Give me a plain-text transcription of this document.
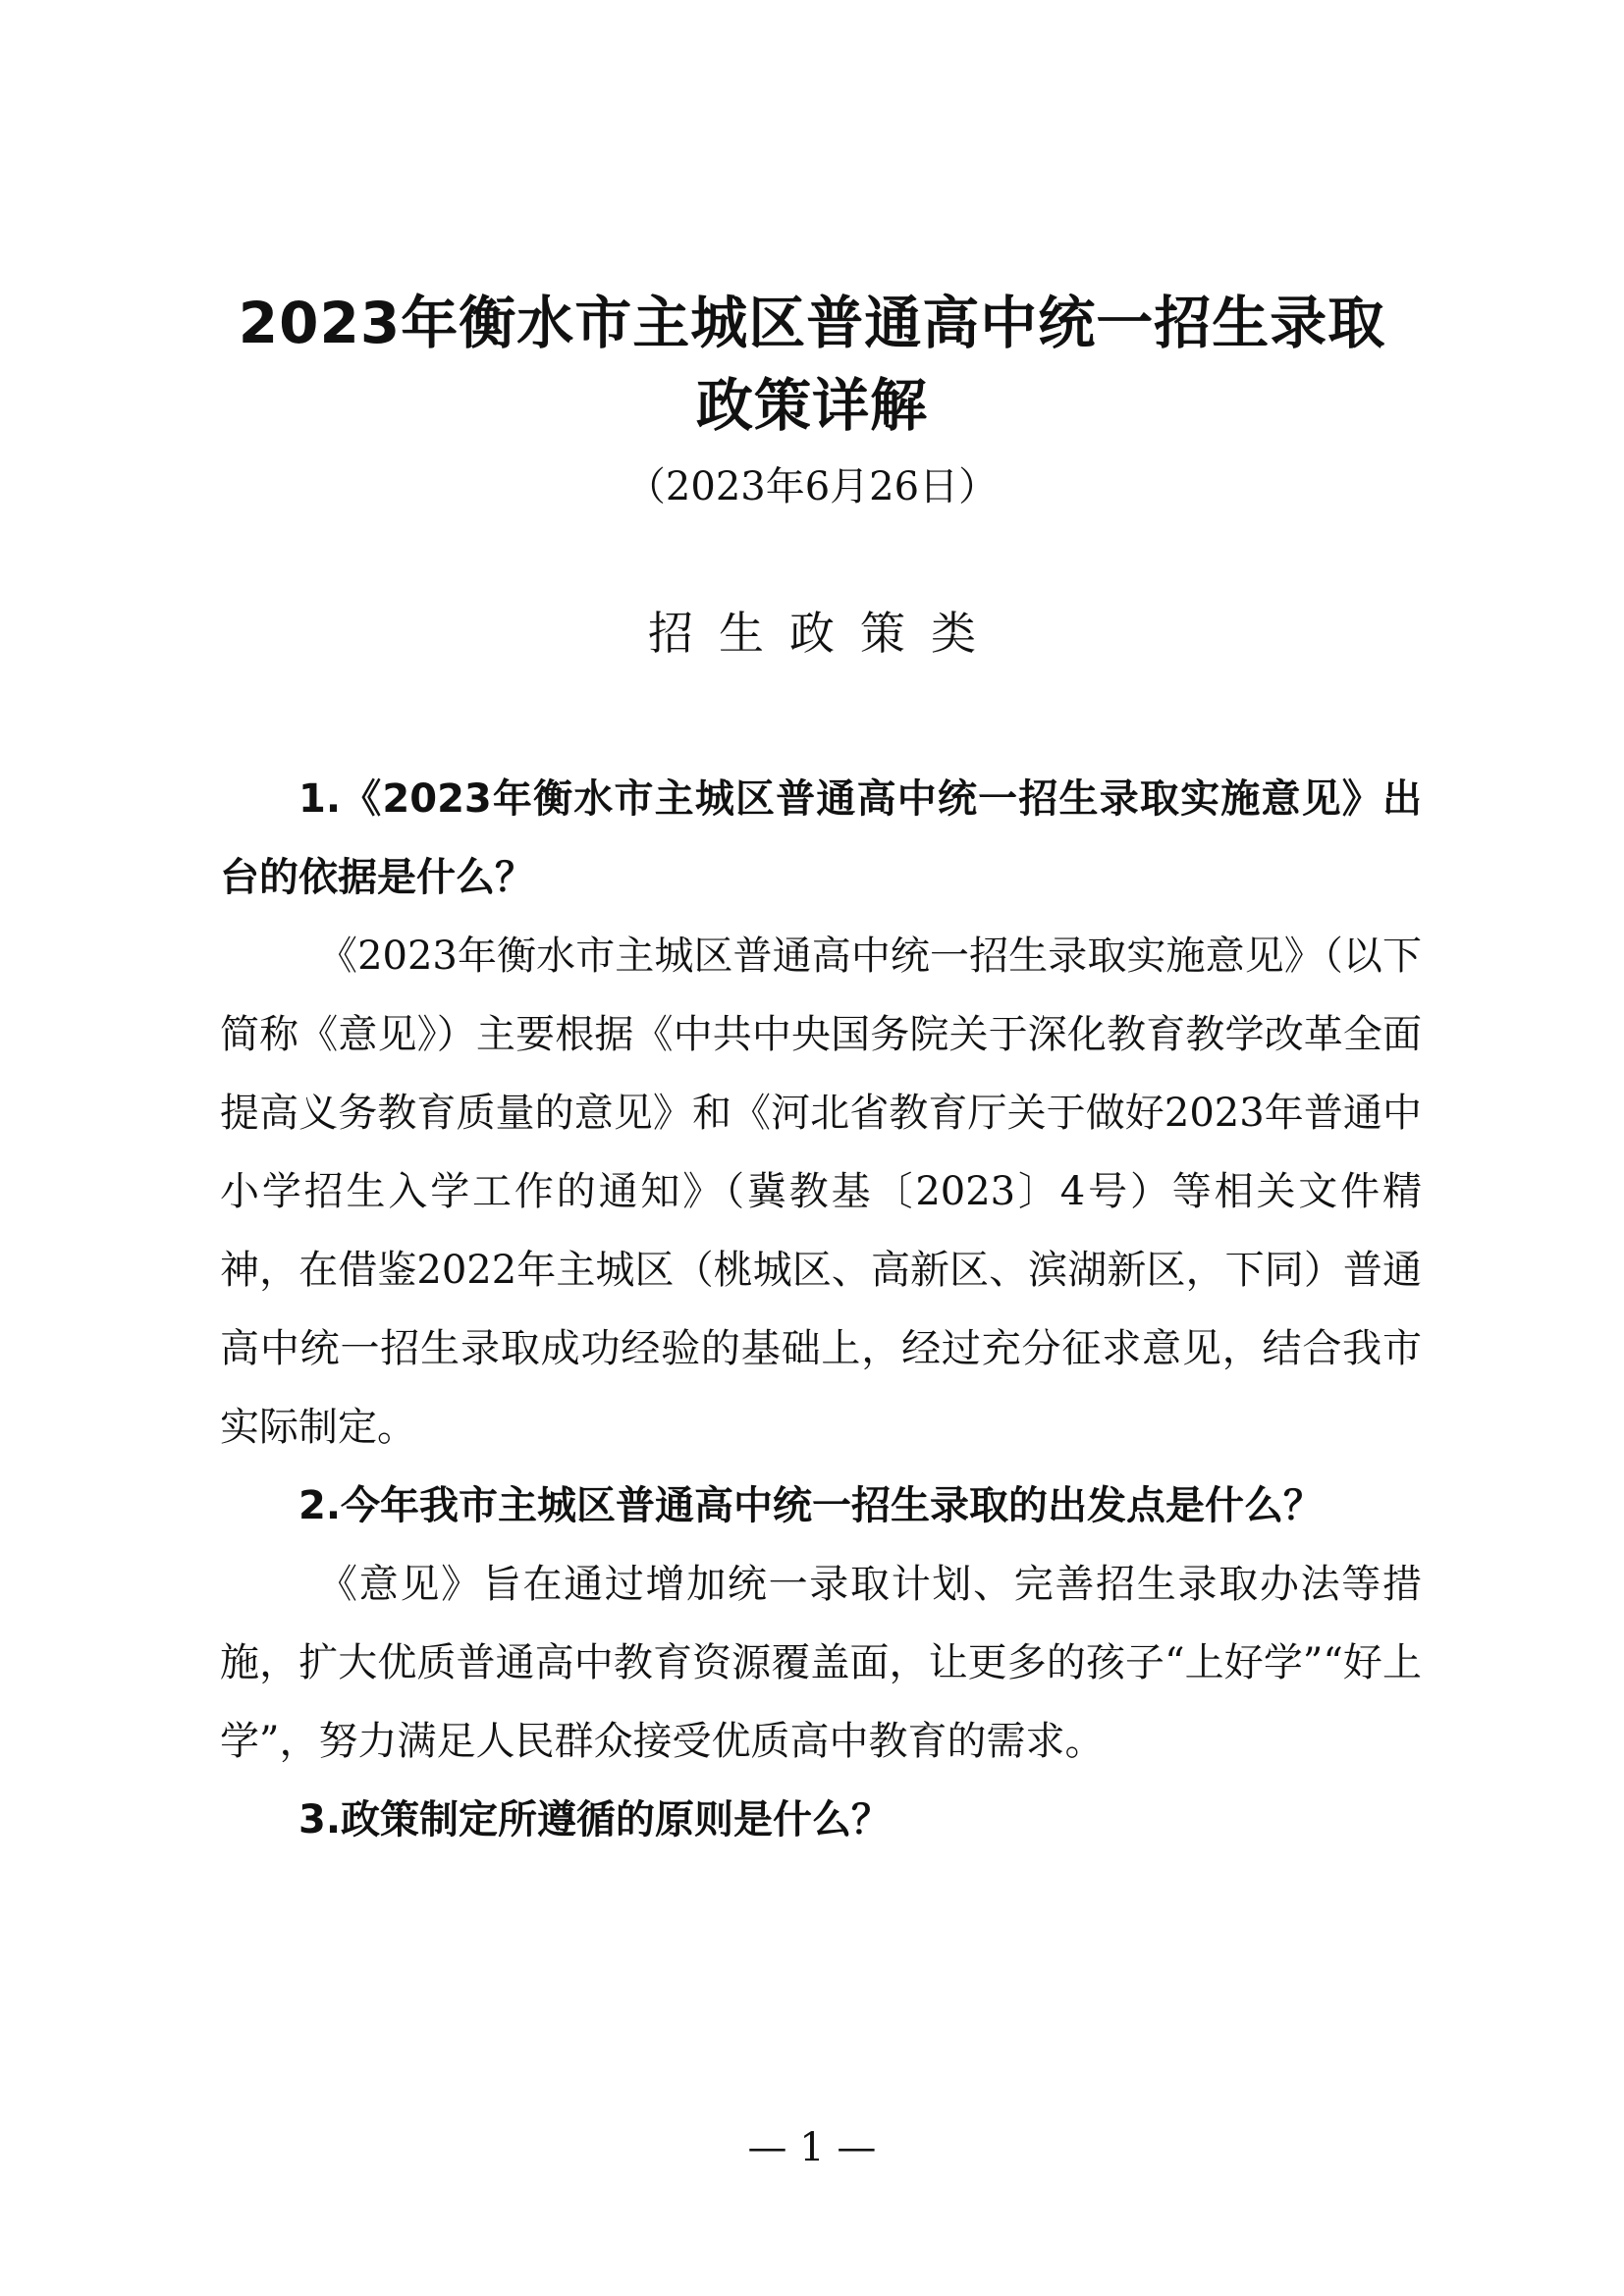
2023年衡水市主城区普通高中统一招生录取
政策详解
（2023年6月26日）
招生政策类
1.《2023年衡水市主城区普通高中统一招生录取实施意见》出台的依据是什么？
《2023年衡水市主城区普通高中统一招生录取实施意见》（以下简称《意见》）主要根据《中共中央国务院关于深化教育教学改革全面提高义务教育质量的意见》和《河北省教育厅关于做好2023年普通中小学招生入学工作的通知》（冀教基〔2023〕4号）等相关文件精神，在借鉴2022年主城区（桃城区、高新区、滨湖新区，下同）普通高中统一招生录取成功经验的基础上，经过充分征求意见，结合我市实际制定。
2.今年我市主城区普通高中统一招生录取的出发点是什么？
《意见》旨在通过增加统一录取计划、完善招生录取办法等措施，扩大优质普通高中教育资源覆盖面，让更多的孩子“上好学”“好上学”，努力满足人民群众接受优质高中教育的需求。
3.政策制定所遵循的原则是什么？
— 1 —
